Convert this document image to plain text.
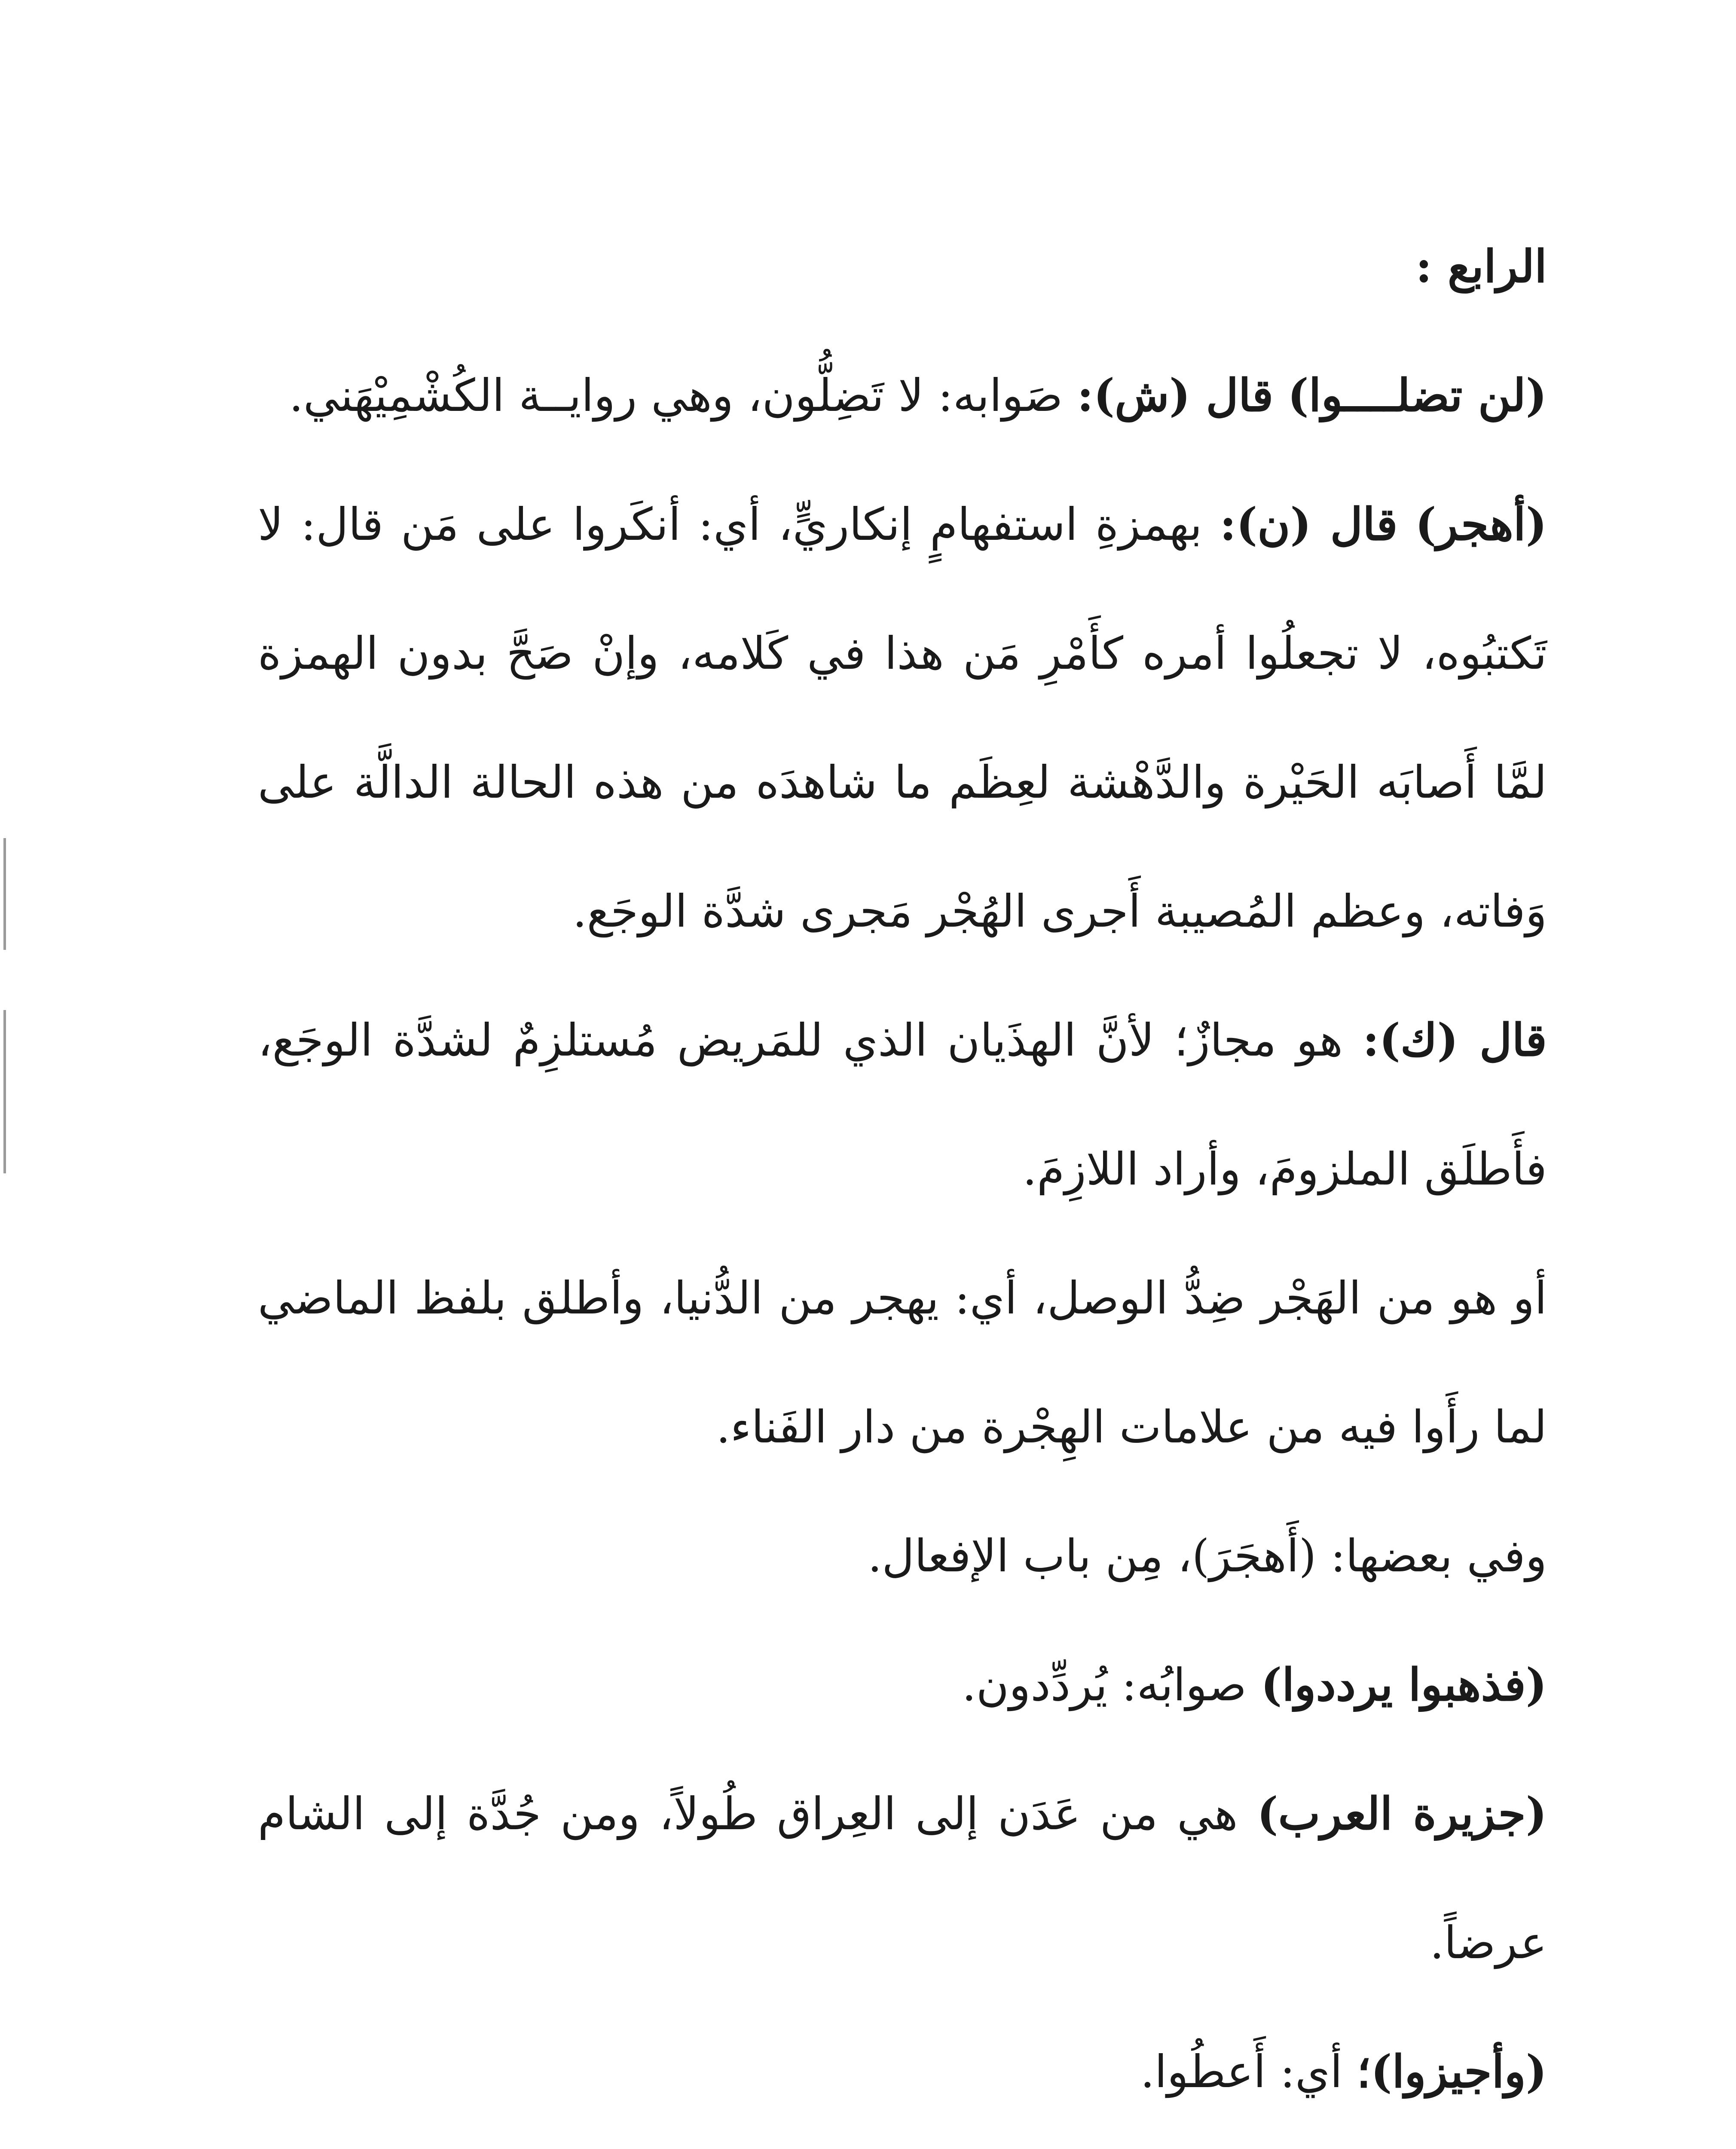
الرابع :

(لن تضلــــوا) قال (ش): صَوابه: لا تَضِلُّون، وهي روايــة الكُشْمِيْهَني.

(أهجر) قال (ن): بهمزةِ استفهامٍ إنكاريٍّ، أي: أنكَروا على مَن قال: لا تَكتبُوه، لا تجعلُوا أمره كأَمْرِ مَن هذا في كَلامه، وإنْ صَحَّ بدون الهمزة لمَّا أَصابَه الحَيْرة والدَّهْشة لعِظَم ما شاهدَه من هذه الحالة الدالَّة على وَفاته، وعظم المُصيبة أَجرى الهُجْر مَجرى شدَّة الوجَع.

قال (ك): هو مجازٌ؛ لأنَّ الهذَيان الذي للمَريض مُستلزِمٌ لشدَّة الوجَع، فأَطلَق الملزومَ، وأراد اللازِمَ.

أو هو من الهَجْر ضِدُّ الوصل، أي: يهجر من الدُّنيا، وأطلق بلفظ الماضي لما رأَوا فيه من علامات الهِجْرة من دار الفَناء.

وفي بعضها: (أَهجَرَ)، مِن باب الإفعال.

(فذهبوا يرددوا) صوابُه: يُردِّدون.

(جزيرة العرب) هي من عَدَن إلى العِراق طُولاً، ومن جُدَّة إلى الشام عرضاً.

(وأجيزوا)؛ أي: أَعطُوا.
